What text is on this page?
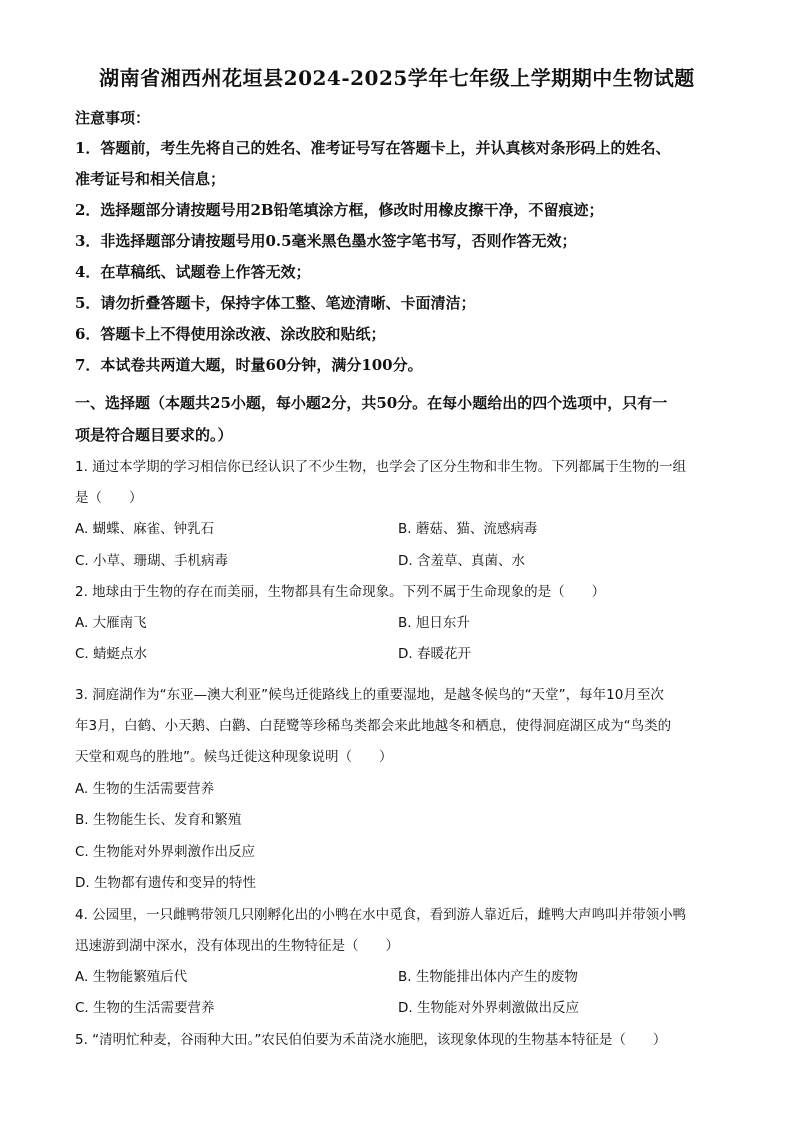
湖南省湘西州花垣县2024-2025学年七年级上学期期中生物试题
注意事项：
1．答题前，考生先将自己的姓名、准考证号写在答题卡上，并认真核对条形码上的姓名、
准考证号和相关信息；
2．选择题部分请按题号用2B铅笔填涂方框，修改时用橡皮擦干净，不留痕迹；
3．非选择题部分请按题号用0.5毫米黑色墨水签字笔书写，否则作答无效；
4．在草稿纸、试题卷上作答无效；
5．请勿折叠答题卡，保持字体工整、笔迹清晰、卡面清洁；
6．答题卡上不得使用涂改液、涂改胶和贴纸；
7．本试卷共两道大题，时量60分钟，满分100分。
一、选择题（本题共25小题，每小题2分，共50分。在每小题给出的四个选项中，只有一
项是符合题目要求的。）
1. 通过本学期的学习相信你已经认识了不少生物，也学会了区分生物和非生物。下列都属于生物的一组
是（　　）
A. 蝴蝶、麻雀、钟乳石	B. 蘑菇、猫、流感病毒
C. 小草、珊瑚、手机病毒	D. 含羞草、真菌、水
2. 地球由于生物的存在而美丽，生物都具有生命现象。下列不属于生命现象的是（　　）
A. 大雁南飞	B. 旭日东升
C. 蜻蜓点水	D. 春暖花开
3. 洞庭湖作为“东亚—澳大利亚”候鸟迁徙路线上的重要湿地，是越冬候鸟的“天堂”，每年10月至次
年3月，白鹤、小天鹅、白鹳、白琵鹭等珍稀鸟类都会来此地越冬和栖息，使得洞庭湖区成为“鸟类的
天堂和观鸟的胜地”。候鸟迁徙这种现象说明（　　）
A. 生物的生活需要营养
B. 生物能生长、发育和繁殖
C. 生物能对外界刺激作出反应
D. 生物都有遗传和变异的特性
4. 公园里，一只雌鸭带领几只刚孵化出的小鸭在水中觅食，看到游人靠近后，雌鸭大声鸣叫并带领小鸭
迅速游到湖中深水，没有体现出的生物特征是（　　）
A. 生物能繁殖后代	B. 生物能排出体内产生的废物
C. 生物的生活需要营养	D. 生物能对外界刺激做出反应
5. “清明忙种麦，谷雨种大田。”农民伯伯要为禾苗浇水施肥，该现象体现的生物基本特征是（　　）
